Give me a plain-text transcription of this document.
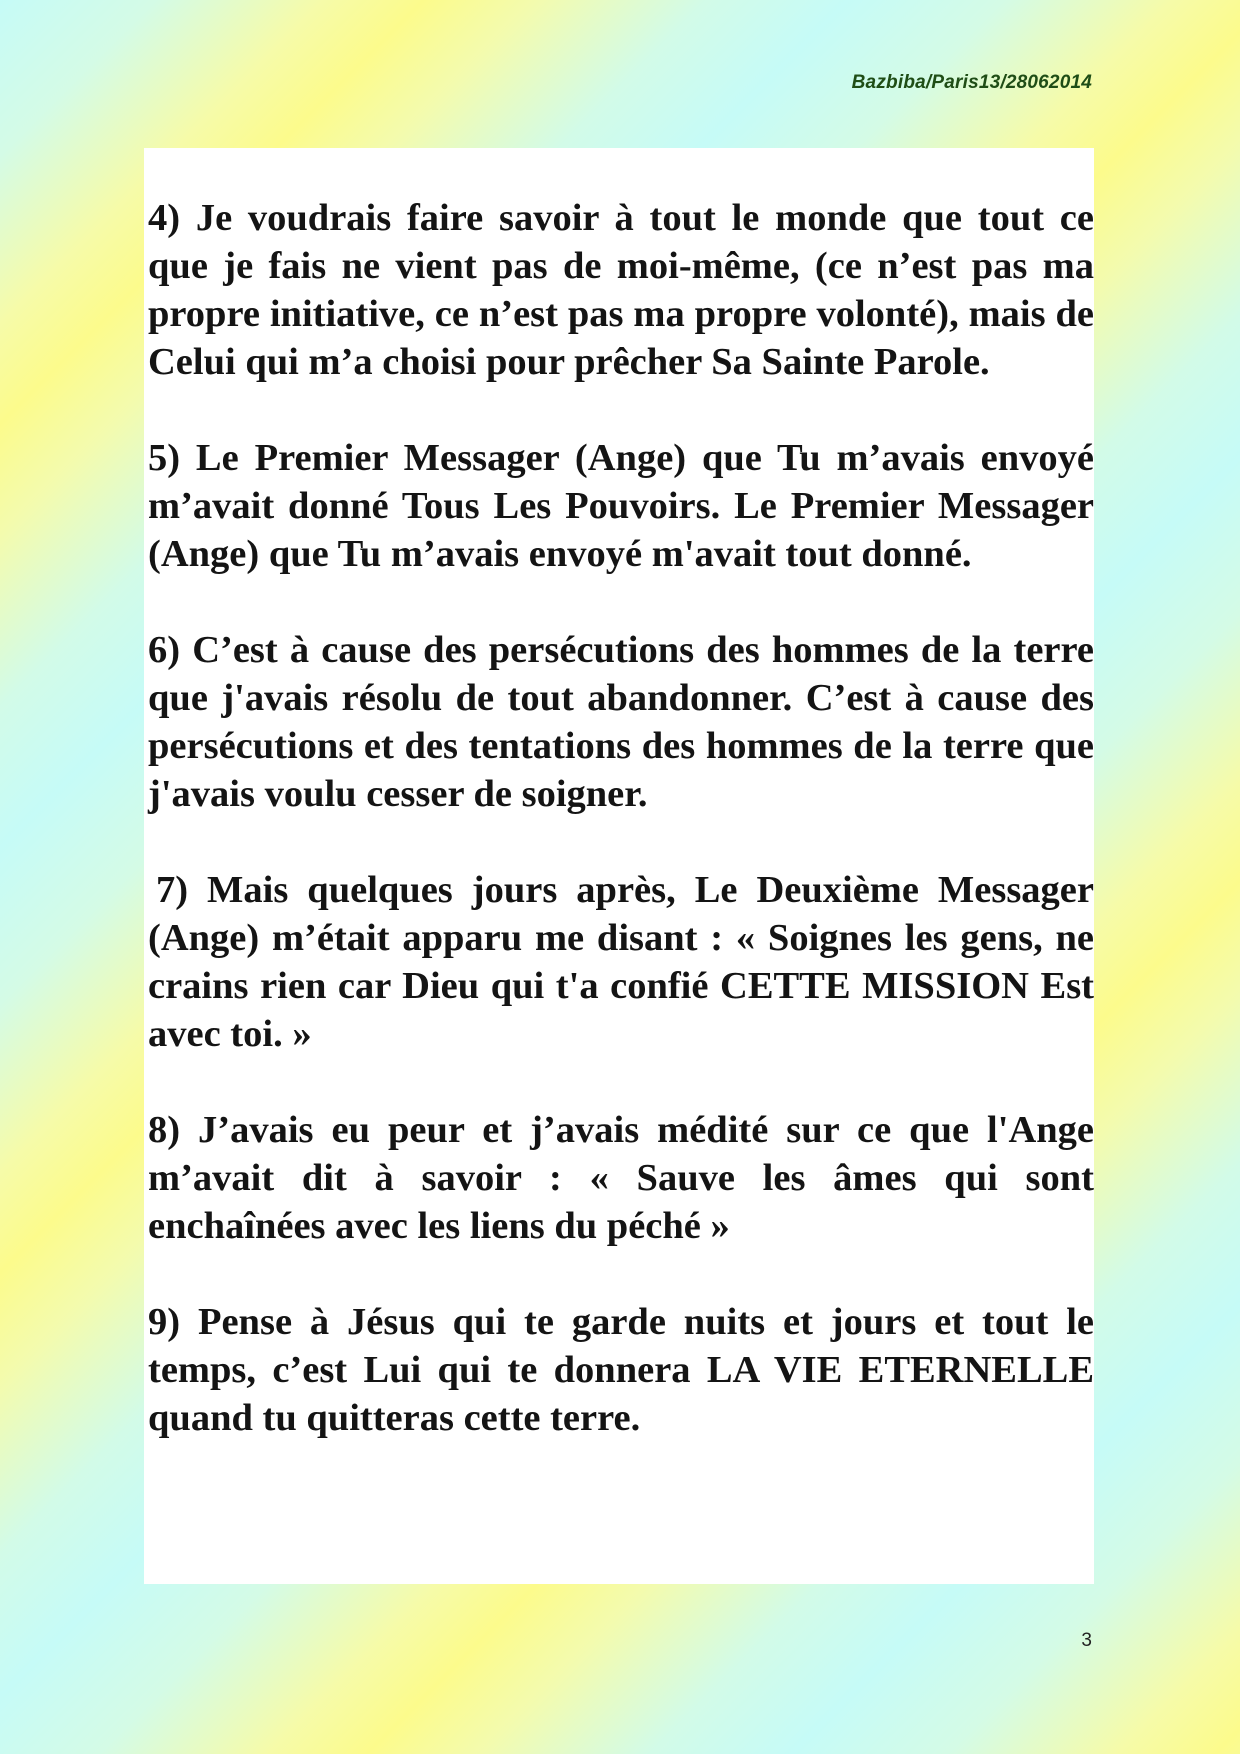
Bazbiba/Paris13/28062014

4) Je voudrais faire savoir à tout le monde que tout ce que je fais ne vient pas de moi-même, (ce n’est pas ma propre initiative, ce n’est pas ma propre volonté), mais de Celui qui m’a choisi pour prêcher Sa Sainte Parole.

5) Le Premier Messager (Ange) que Tu m’avais envoyé m’avait donné Tous Les Pouvoirs. Le Premier Messager (Ange) que Tu m’avais envoyé m'avait tout donné.

6) C’est à cause des persécutions des hommes de la terre que j'avais résolu de tout abandonner. C’est à cause des persécutions et des tentations des hommes de la terre que j'avais voulu cesser de soigner.

7) Mais quelques jours après, Le Deuxième Messager (Ange) m’était apparu me disant : « Soignes les gens, ne crains rien car Dieu qui t'a confié CETTE MISSION Est avec toi. »

8) J’avais eu peur et j’avais médité sur ce que l'Ange m’avait dit à savoir : « Sauve les âmes qui sont enchaînées avec les liens du péché »

9) Pense à Jésus qui te garde nuits et jours et tout le temps, c’est Lui qui te donnera LA VIE ETERNELLE quand tu quitteras cette terre.

3
